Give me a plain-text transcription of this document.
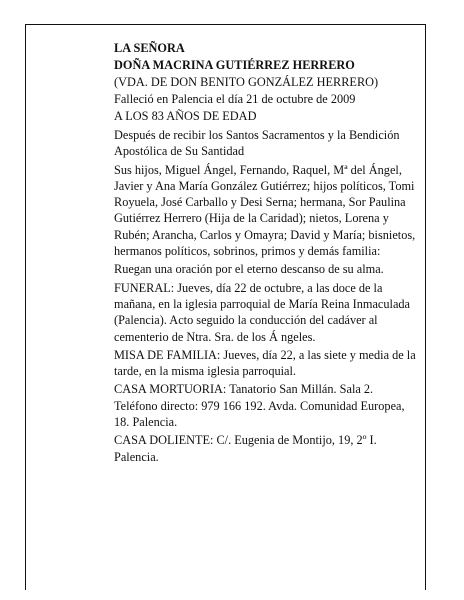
LA SEÑORA
DOÑA MACRINA GUTIÉRREZ HERRERO
(VDA. DE DON BENITO GONZÁLEZ HERRERO)
Falleció en Palencia el día 21 de octubre de 2009
A LOS 83 AÑOS DE EDAD

Después de recibir los Santos Sacramentos y la Bendición Apostólica de Su Santidad

Sus hijos, Miguel Ángel, Fernando, Raquel, Mª del Ángel, Javier y Ana María González Gutiérrez; hijos políticos, Tomi Royuela, José Carballo y Desi Serna; hermana, Sor Paulina Gutiérrez Herrero (Hija de la Caridad); nietos, Lorena y Rubén; Arancha, Carlos y Omayra; David y María; bisnietos, hermanos políticos, sobrinos, primos y demás familia:

Ruegan una oración por el eterno descanso de su alma.

FUNERAL: Jueves, día 22 de octubre, a las doce de la mañana, en la iglesia parroquial de María Reina Inmaculada (Palencia). Acto seguido la conducción del cadáver al cementerio de Ntra. Sra. de los Á ngeles.

MISA DE FAMILIA: Jueves, día 22, a las siete y media de la tarde, en la misma iglesia parroquial.

CASA MORTUORIA: Tanatorio San Millán. Sala 2. Teléfono directo: 979 166 192. Avda. Comunidad Europea, 18. Palencia.

CASA DOLIENTE: C/. Eugenia de Montijo, 19, 2º I. Palencia.
